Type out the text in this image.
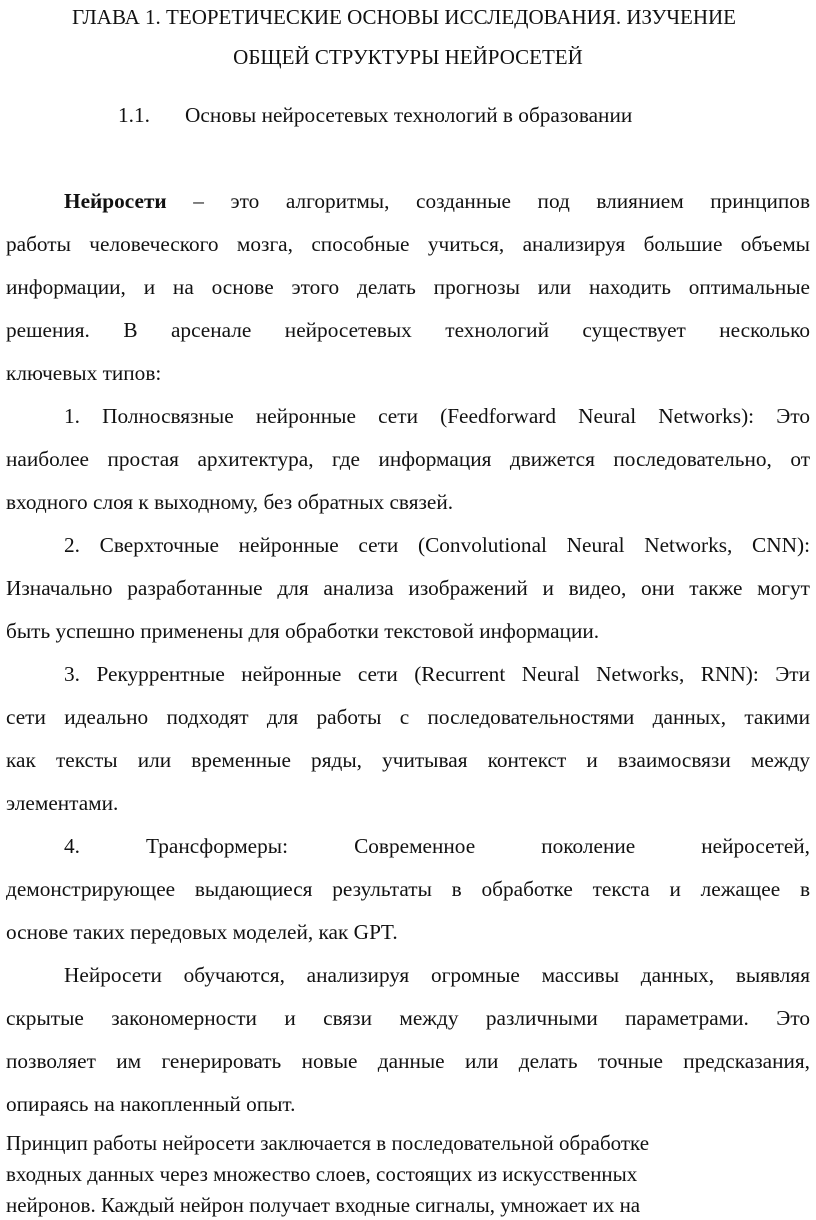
ГЛАВА 1. ТЕОРЕТИЧЕСКИЕ ОСНОВЫ ИССЛЕДОВАНИЯ. ИЗУЧЕНИЕ
ОБЩЕЙ СТРУКТУРЫ НЕЙРОСЕТЕЙ
1.1. Основы нейросетевых технологий в образовании
Нейросети – это алгоритмы, созданные под влиянием принципов
работы человеческого мозга, способные учиться, анализируя большие объемы
информации, и на основе этого делать прогнозы или находить оптимальные
решения. В арсенале нейросетевых технологий существует несколько
ключевых типов:
1. Полносвязные нейронные сети (Feedforward Neural Networks): Это
наиболее простая архитектура, где информация движется последовательно, от
входного слоя к выходному, без обратных связей.
2. Сверхточные нейронные сети (Convolutional Neural Networks, CNN):
Изначально разработанные для анализа изображений и видео, они также могут
быть успешно применены для обработки текстовой информации.
3. Рекуррентные нейронные сети (Recurrent Neural Networks, RNN): Эти
сети идеально подходят для работы с последовательностями данных, такими
как тексты или временные ряды, учитывая контекст и взаимосвязи между
элементами.
4. Трансформеры: Современное поколение нейросетей,
демонстрирующее выдающиеся результаты в обработке текста и лежащее в
основе таких передовых моделей, как GPT.
Нейросети обучаются, анализируя огромные массивы данных, выявляя
скрытые закономерности и связи между различными параметрами. Это
позволяет им генерировать новые данные или делать точные предсказания,
опираясь на накопленный опыт.
Принцип работы нейросети заключается в последовательной обработке
входных данных через множество слоев, состоящих из искусственных
нейронов. Каждый нейрон получает входные сигналы, умножает их на
